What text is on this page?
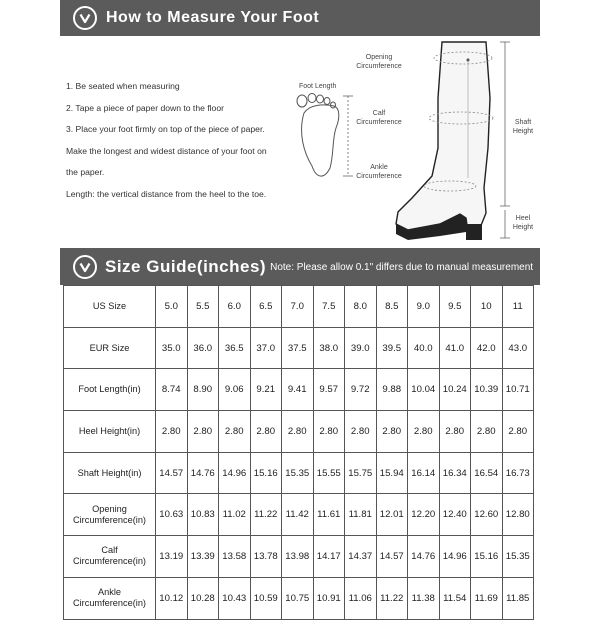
How to Measure Your Foot
1. Be seated when measuring
2. Tape a piece of paper down to the floor
3. Place your foot firmly on top of the piece of paper.
Make the longest and widest distance of your foot on
the paper.
Length: the vertical distance from the heel to the toe.
Foot Length
Opening
Circumference
Calf
Circumference
Ankle
Circumference
Shaft
Height
Heel
Height
Size Guide(inches) Note: Please allow 0.1" differs due to manual measurement
US Size	5.0	5.5	6.0	6.5	7.0	7.5	8.0	8.5	9.0	9.5	10	11

EUR Size	35.0	36.0	36.5	37.0	37.5	38.0	39.0	39.5	40.0	41.0	42.0	43.0

Foot Length(in)	8.74	8.90	9.06	9.21	9.41	9.57	9.72	9.88	10.04	10.24	10.39	10.71

Heel Height(in)	2.80	2.80	2.80	2.80	2.80	2.80	2.80	2.80	2.80	2.80	2.80	2.80

Shaft Height(in)	14.57	14.76	14.96	15.16	15.35	15.55	15.75	15.94	16.14	16.34	16.54	16.73

Opening
Circumference(in)	10.63	10.83	11.02	11.22	11.42	11.61	11.81	12.01	12.20	12.40	12.60	12.80

Calf
Circumference(in)	13.19	13.39	13.58	13.78	13.98	14.17	14.37	14.57	14.76	14.96	15.16	15.35

Ankle
Circumference(in)	10.12	10.28	10.43	10.59	10.75	10.91	11.06	11.22	11.38	11.54	11.69	11.85
